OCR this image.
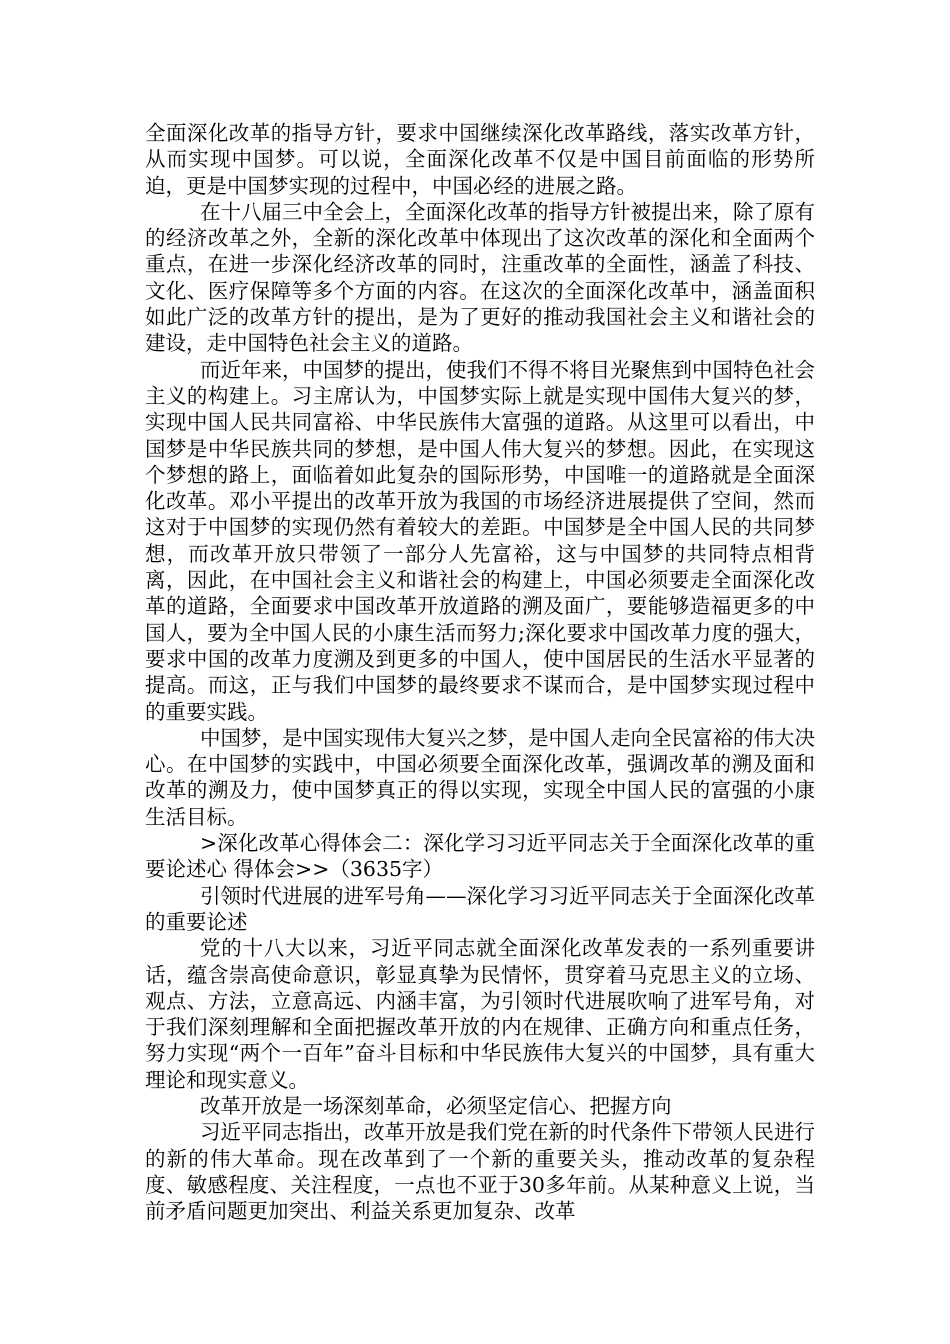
全面深化改革的指导方针，要求中国继续深化改革路线，落实改革方针，从而实现中国梦。可以说，全面深化改革不仅是中国目前面临的形势所迫，更是中国梦实现的过程中，中国必经的进展之路。

在十八届三中全会上，全面深化改革的指导方针被提出来，除了原有的经济改革之外，全新的深化改革中体现出了这次改革的深化和全面两个重点，在进一步深化经济改革的同时，注重改革的全面性，涵盖了科技、文化、医疗保障等多个方面的内容。在这次的全面深化改革中，涵盖面积如此广泛的改革方针的提出，是为了更好的推动我国社会主义和谐社会的建设，走中国特色社会主义的道路。

而近年来，中国梦的提出，使我们不得不将目光聚焦到中国特色社会主义的构建上。习主席认为，中国梦实际上就是实现中国伟大复兴的梦，实现中国人民共同富裕、中华民族伟大富强的道路。从这里可以看出，中国梦是中华民族共同的梦想，是中国人伟大复兴的梦想。因此，在实现这个梦想的路上，面临着如此复杂的国际形势，中国唯一的道路就是全面深化改革。邓小平提出的改革开放为我国的市场经济进展提供了空间，然而这对于中国梦的实现仍然有着较大的差距。中国梦是全中国人民的共同梦想，而改革开放只带领了一部分人先富裕，这与中国梦的共同特点相背离，因此，在中国社会主义和谐社会的构建上，中国必须要走全面深化改革的道路，全面要求中国改革开放道路的溯及面广，要能够造福更多的中国人，要为全中国人民的小康生活而努力;深化要求中国改革力度的强大，要求中国的改革力度溯及到更多的中国人，使中国居民的生活水平显著的提高。而这，正与我们中国梦的最终要求不谋而合，是中国梦实现过程中的重要实践。

中国梦，是中国实现伟大复兴之梦，是中国人走向全民富裕的伟大决心。在中国梦的实践中，中国必须要全面深化改革，强调改革的溯及面和改革的溯及力，使中国梦真正的得以实现，实现全中国人民的富强的小康生活目标。

>深化改革心得体会二：深化学习习近平同志关于全面深化改革的重要论述心 得体会>>（3635字）

引领时代进展的进军号角——深化学习习近平同志关于全面深化改革的重要论述

党的十八大以来，习近平同志就全面深化改革发表的一系列重要讲话，蕴含崇高使命意识，彰显真挚为民情怀，贯穿着马克思主义的立场、观点、方法，立意高远、内涵丰富，为引领时代进展吹响了进军号角，对于我们深刻理解和全面把握改革开放的内在规律、正确方向和重点任务，努力实现“两个一百年”奋斗目标和中华民族伟大复兴的中国梦，具有重大理论和现实意义。

改革开放是一场深刻革命，必须坚定信心、把握方向

习近平同志指出，改革开放是我们党在新的时代条件下带领人民进行的新的伟大革命。现在改革到了一个新的重要关头，推动改革的复杂程度、敏感程度、关注程度，一点也不亚于30多年前。从某种意义上说，当前矛盾问题更加突出、利益关系更加复杂、改革
